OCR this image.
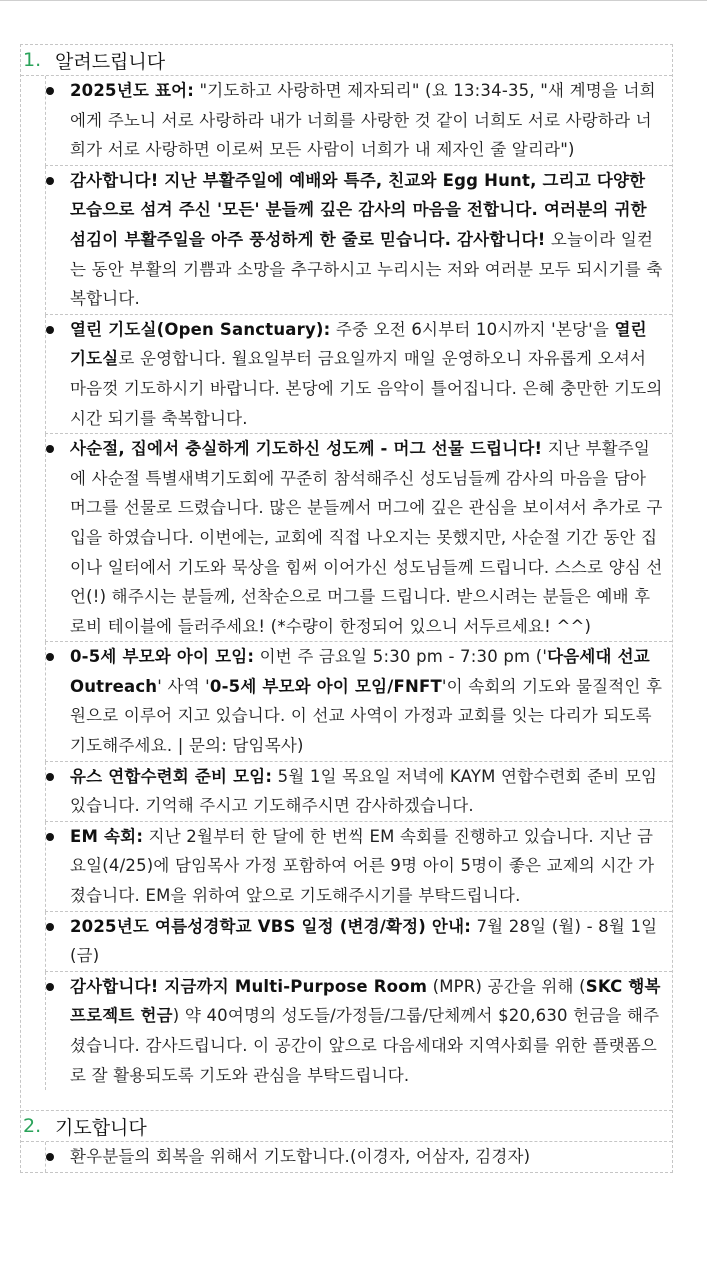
1. 알려드립니다
2025년도 표어: "기도하고 사랑하면 제자되리" (요 13:34-35, "새 계명을 너희에게 주노니 서로 사랑하라 내가 너희를 사랑한 것 같이 너희도 서로 사랑하라 너희가 서로 사랑하면 이로써 모든 사람이 너희가 내 제자인 줄 알리라")
감사합니다! 지난 부활주일에 예배와 특주, 친교와 Egg Hunt, 그리고 다양한 모습으로 섬겨 주신 '모든' 분들께 깊은 감사의 마음을 전합니다. 여러분의 귀한 섬김이 부활주일을 아주 풍성하게 한 줄로 믿습니다. 감사합니다! 오늘이라 일컫는 동안 부활의 기쁨과 소망을 추구하시고 누리시는 저와 여러분 모두 되시기를 축복합니다.
열린 기도실(Open Sanctuary): 주중 오전 6시부터 10시까지 '본당'을 열린 기도실로 운영합니다. 월요일부터 금요일까지 매일 운영하오니 자유롭게 오셔서 마음껏 기도하시기 바랍니다. 본당에 기도 음악이 틀어집니다. 은혜 충만한 기도의 시간 되기를 축복합니다.
사순절, 집에서 충실하게 기도하신 성도께 - 머그 선물 드립니다! 지난 부활주일에 사순절 특별새벽기도회에 꾸준히 참석해주신 성도님들께 감사의 마음을 담아 머그를 선물로 드렸습니다. 많은 분들께서 머그에 깊은 관심을 보이셔서 추가로 구입을 하였습니다. 이번에는, 교회에 직접 나오지는 못했지만, 사순절 기간 동안 집이나 일터에서 기도와 묵상을 힘써 이어가신 성도님들께 드립니다. 스스로 양심 선언(!) 해주시는 분들께, 선착순으로 머그를 드립니다. 받으시려는 분들은 예배 후 로비 테이블에 들러주세요! (*수량이 한정되어 있으니 서두르세요! ^^)
0-5세 부모와 아이 모임: 이번 주 금요일 5:30 pm - 7:30 pm ('다음세대 선교 Outreach' 사역 '0-5세 부모와 아이 모임/FNFT'이 속회의 기도와 물질적인 후원으로 이루어 지고 있습니다. 이 선교 사역이 가정과 교회를 잇는 다리가 되도록 기도해주세요. | 문의: 담임목사)
유스 연합수련회 준비 모임: 5월 1일 목요일 저녁에 KAYM 연합수련회 준비 모임 있습니다. 기억해 주시고 기도해주시면 감사하겠습니다.
EM 속회: 지난 2월부터 한 달에 한 번씩 EM 속회를 진행하고 있습니다. 지난 금요일(4/25)에 담임목사 가정 포함하여 어른 9명 아이 5명이 좋은 교제의 시간 가졌습니다. EM을 위하여 앞으로 기도해주시기를 부탁드립니다.
2025년도 여름성경학교 VBS 일정 (변경/확정) 안내: 7월 28일 (월) - 8월 1일 (금)
감사합니다! 지금까지 Multi-Purpose Room (MPR) 공간을 위해 (SKC 행복 프로젝트 헌금) 약 40여명의 성도들/가정들/그룹/단체께서 $20,630 헌금을 해주셨습니다. 감사드립니다. 이 공간이 앞으로 다음세대와 지역사회를 위한 플랫폼으로 잘 활용되도록 기도와 관심을 부탁드립니다.
2. 기도합니다
환우분들의 회복을 위해서 기도합니다.(이경자, 어삼자, 김경자)
